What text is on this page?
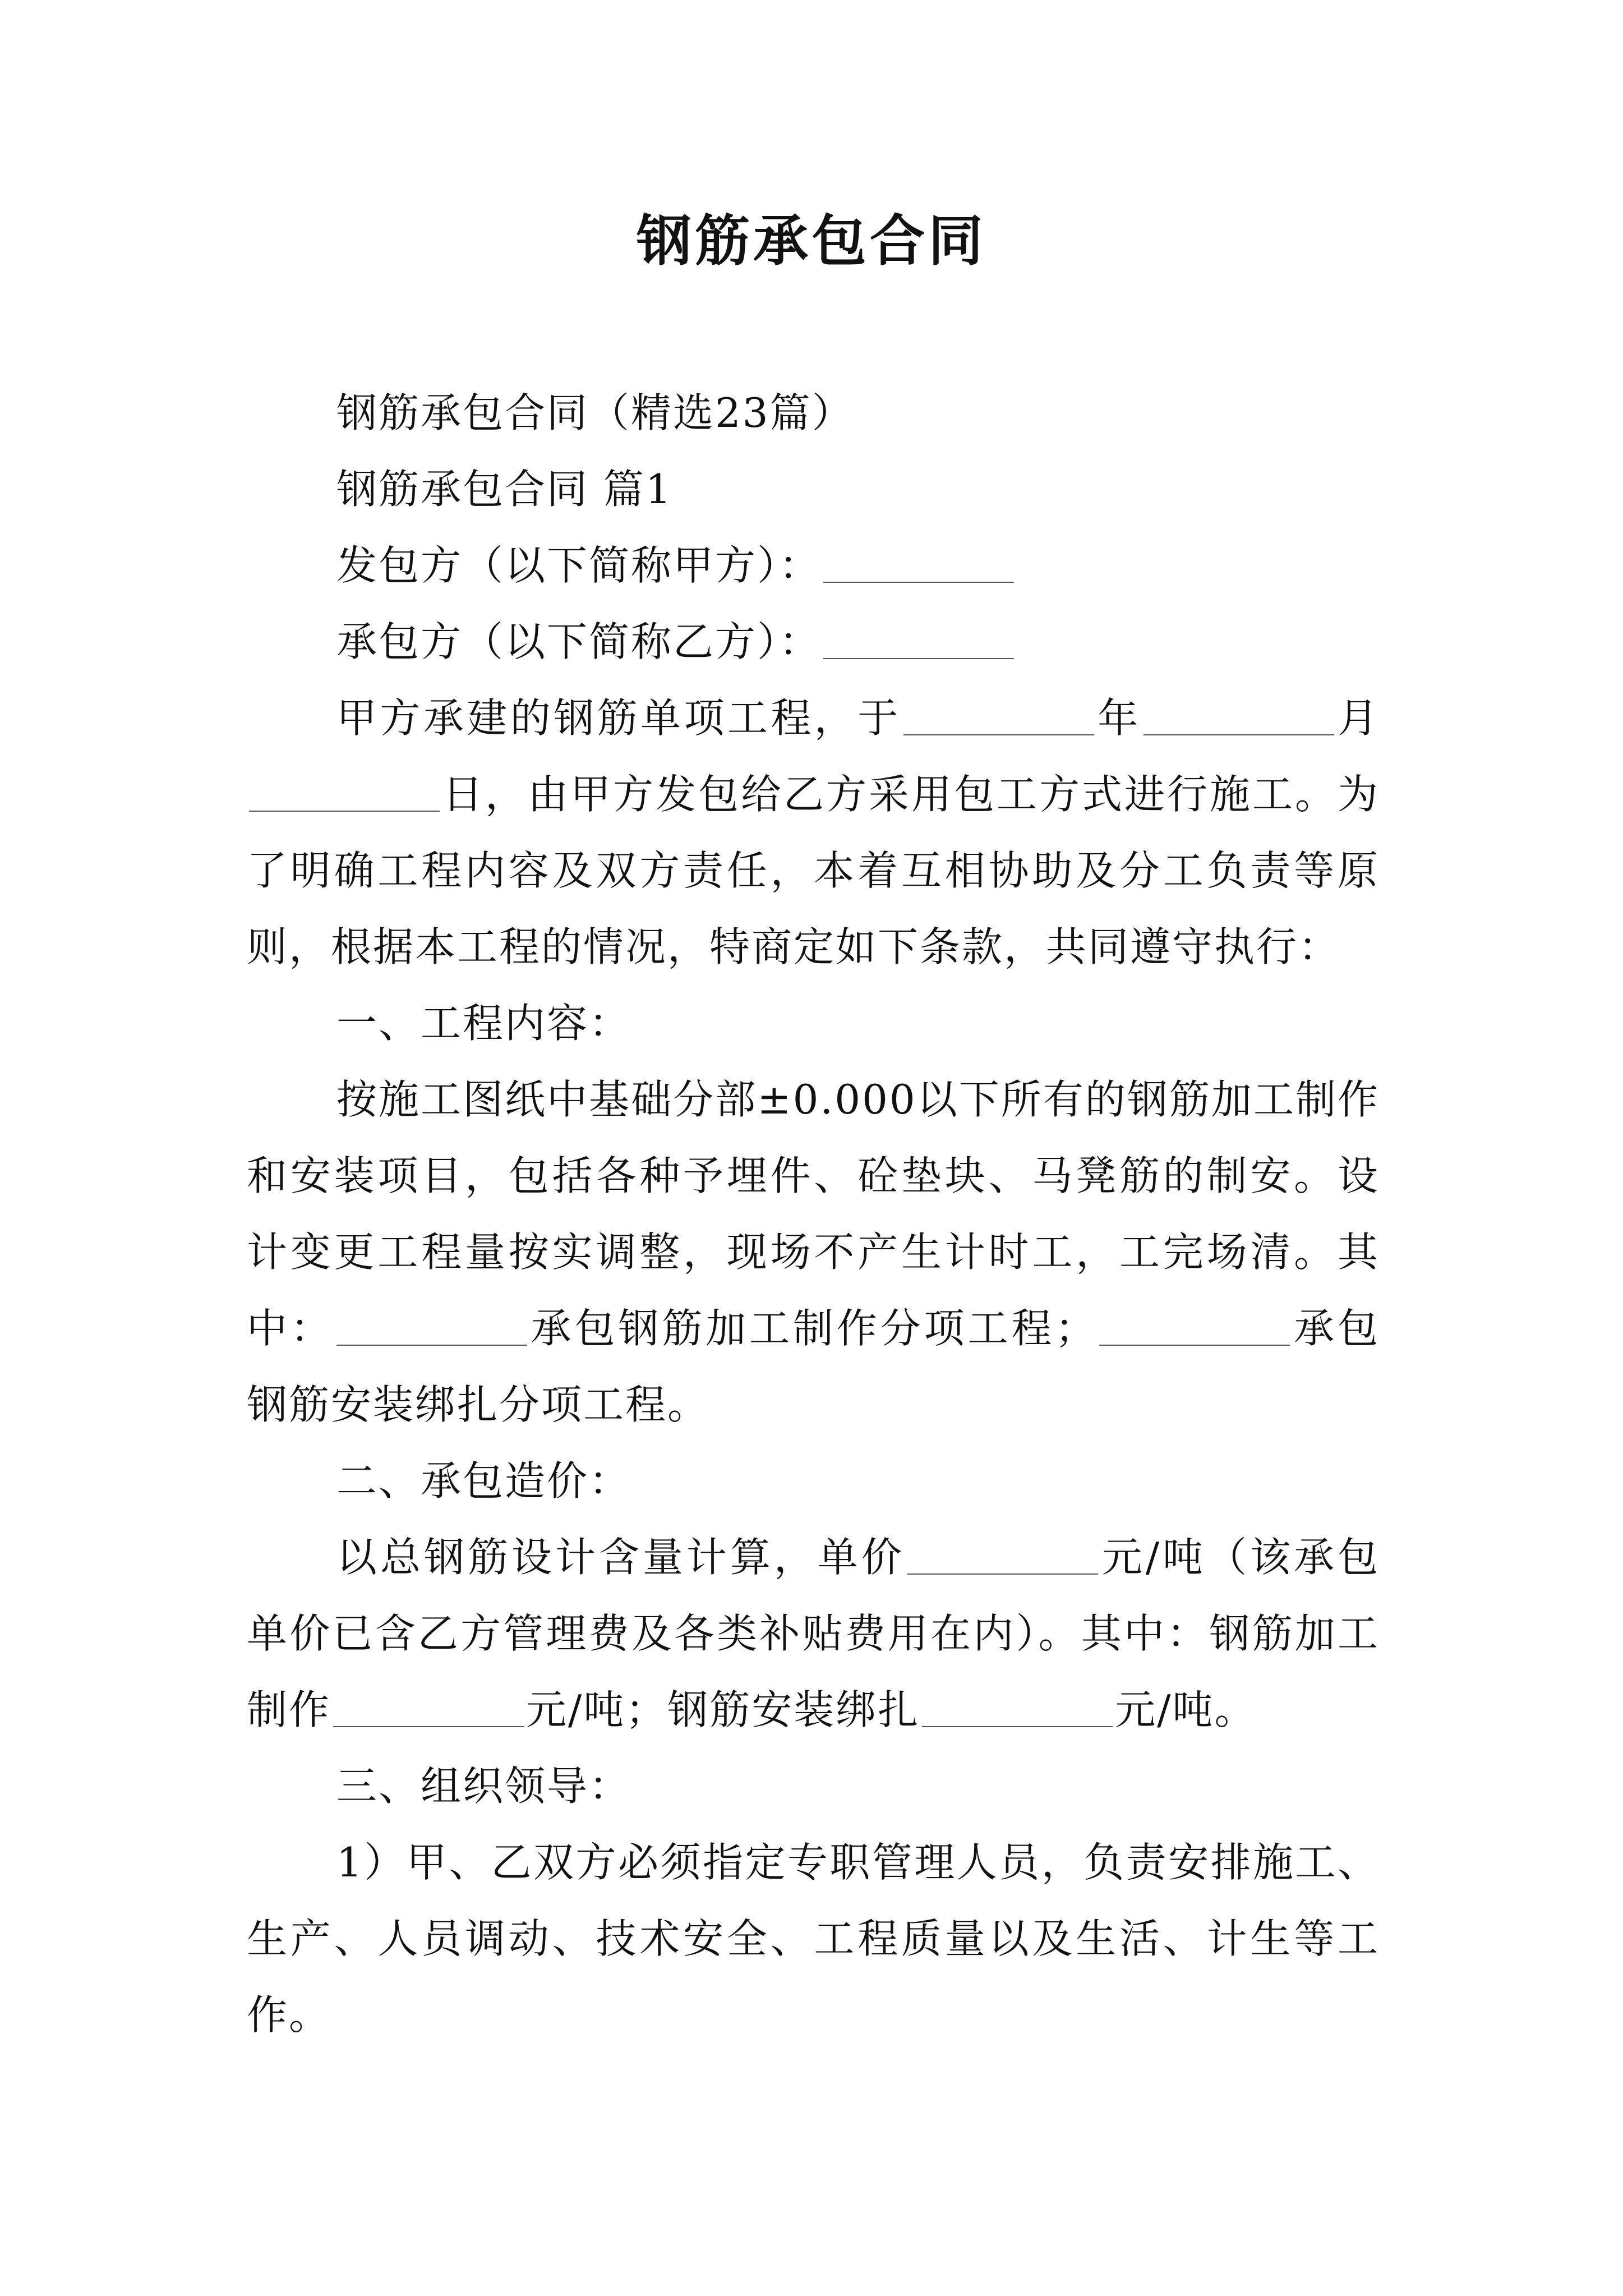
钢筋承包合同

钢筋承包合同（精选23篇）

钢筋承包合同 篇1

发包方（以下简称甲方）：

承包方（以下简称乙方）：

甲方承建的钢筋单项工程，于	年	月日，由甲方发包给乙方采用包工方式进行施工。为了明确工程内容及双方责任，本着互相协助及分工负责等原则，根据本工程的情况，特商定如下条款，共同遵守执行：

一、工程内容：

按施工图纸中基础分部±0.000以下所有的钢筋加工制作和安装项目，包括各种予埋件、砼垫块、马凳筋的制安。设计变更工程量按实调整，现场不产生计时工，工完场清。其中：	承包钢筋加工制作分项工程；	承包钢筋安装绑扎分项工程。

二、承包造价：

以总钢筋设计含量计算，单价	元/吨（该承包单价已含乙方管理费及各类补贴费用在内）。其中：钢筋加工制作	元/吨；钢筋安装绑扎	元/吨。

三、组织领导：

1）甲、乙双方必须指定专职管理人员，负责安排施工、生产、人员调动、技术安全、工程质量以及生活、计生等工作。
